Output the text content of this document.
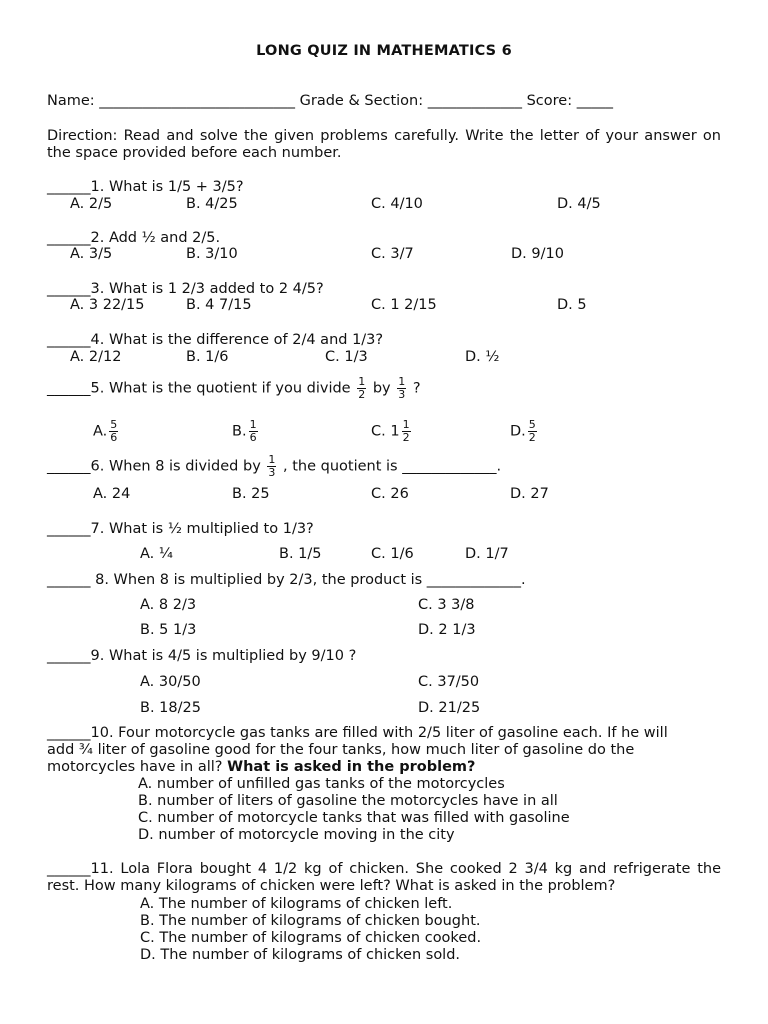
LONG QUIZ IN MATHEMATICS 6
Name: ___________________________ Grade & Section: _____________ Score: _____
Direction: Read and solve the given problems carefully. Write the letter of your answer on the space provided before each number.
______1. What is 1/5 + 3/5?
A. 2/5	B. 4/25	C. 4/10	D. 4/5
______2. Add ½ and 2/5.
A. 3/5	B. 3/10	C. 3/7	D. 9/10
______3. What is 1 2/3 added to 2 4/5?
A. 3 22/15	B. 4 7/15	C. 1 2/15	D. 5
______4. What is the difference of 2/4 and 1/3?
A. 2/12	B. 1/6	C. 1/3	D. ½
______5. What is the quotient if you divide $\frac{1}{2}$ by $\frac{1}{3}$ ?
A. $\frac{5}{6}$	B. $\frac{1}{6}$	C. $1 \frac{1}{2}$	D. $\frac{5}{2}$
______6. When 8 is divided by $\frac{1}{3}$ , the quotient is _____________.
A. 24	B. 25	C. 26	D. 27
______7. What is ½ multiplied to 1/3?
A. ¼	B. 1/5	C. 1/6	D. 1/7
______ 8. When 8 is multiplied by 2/3, the product is _____________.
A. 8 2/3	C. 3 3/8
B. 5 1/3	D. 2 1/3
______9. What is 4/5 is multiplied by 9/10 ?
A. 30/50	C. 37/50
B. 18/25	D. 21/25
______10. Four motorcycle gas tanks are filled with 2/5 liter of gasoline each. If he will
add ¾ liter of gasoline good for the four tanks, how much liter of gasoline do the
motorcycles have in all? What is asked in the problem?
A. number of unfilled gas tanks of the motorcycles
B. number of liters of gasoline the motorcycles have in all
C. number of motorcycle tanks that was filled with gasoline
D. number of motorcycle moving in the city
______11. Lola Flora bought 4 1/2 kg of chicken. She cooked 2 3/4 kg and refrigerate the rest. How many kilograms of chicken were left? What is asked in the problem?
A. The number of kilograms of chicken left.
B. The number of kilograms of chicken bought.
C. The number of kilograms of chicken cooked.
D. The number of kilograms of chicken sold.
